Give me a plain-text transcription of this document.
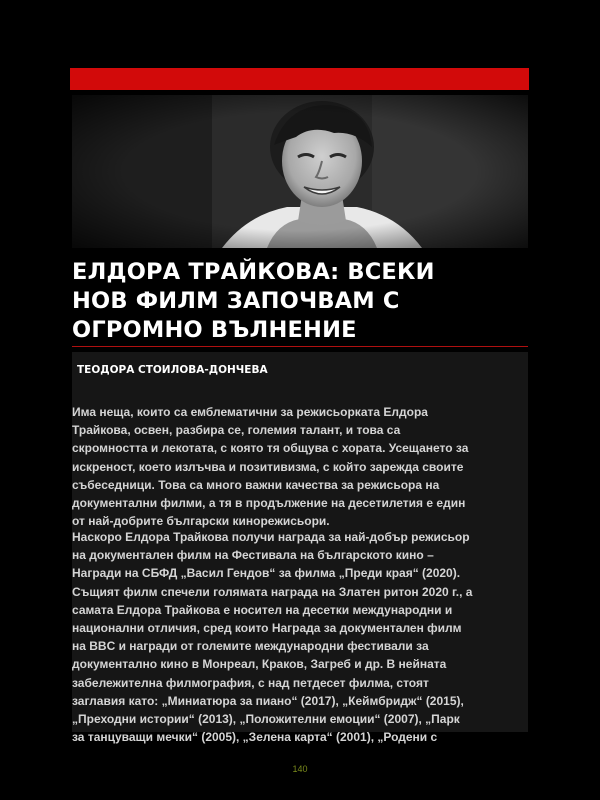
ЕЛДОРА ТРАЙКОВА: ВСЕКИ
НОВ ФИЛМ ЗАПОЧВАМ С
ОГРОМНО ВЪЛНЕНИЕ

ТЕОДОРА СТОИЛОВА-ДОНЧЕВА

Има неща, които са емблематични за режисьорката Елдора
Трайкова, освен, разбира се, големия талант, и това са
скромността и лекотата, с която тя общува с хората. Усещането за
искреност, което излъчва и позитивизма, с който зарежда своите
събеседници. Това са много важни качества за режисьора на
документални филми, а тя в продължение на десетилетия е един
от най-добрите български кинорежисьори.

Наскоро Елдора Трайкова получи награда за най-добър режисьор
на документален филм на Фестивала на българското кино –
Награди на СБФД „Васил Гендов“ за филма „Преди края“ (2020).
Същият филм спечели голямата награда на Златен ритон 2020 г., а
самата Елдора Трайкова е носител на десетки международни и
национални отличия, сред които Награда за документален филм
на BBC и награди от големите международни фестивали за
документално кино в Монреал, Краков, Загреб и др. В нейната
забележителна филмография, с над петдесет филма, стоят
заглавия като: „Миниатюра за пиано“ (2017), „Кеймбридж“ (2015),
„Преходни истории“ (2013), „Положителни емоции“ (2007), „Парк
за танцуващи мечки“ (2005), „Зелена карта“ (2001), „Родени с

140
